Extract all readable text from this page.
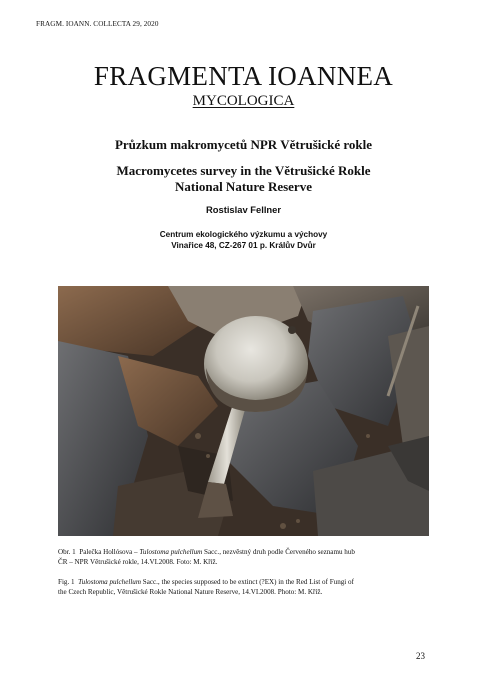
FRAGM. IOANN. COLLECTA 29, 2020
FRAGMENTA IOANNEA
MYCOLOGICA
Průzkum makromycetů NPR Větrušické rokle
Macromycetes survey in the Větrušické Rokle
National Nature Reserve
Rostislav Fellner
Centrum ekologického výzkumu a výchovy
Vinařice 48, CZ-267 01 p. Králův Dvůr
Obr. 1 Palečka Hollósova – Tulostoma pulchellum Sacc., nezvěstný druh podle Červeného seznamu hub
ČR – NPR Větrušické rokle, 14.VI.2008. Foto: M. Kříž.
Fig. 1 Tulostoma pulchellum Sacc., the species supposed to be extinct (?EX) in the Red List of Fungi of
the Czech Republic, Větrušické Rokle National Nature Reserve, 14.VI.2008. Photo: M. Kříž.
23
